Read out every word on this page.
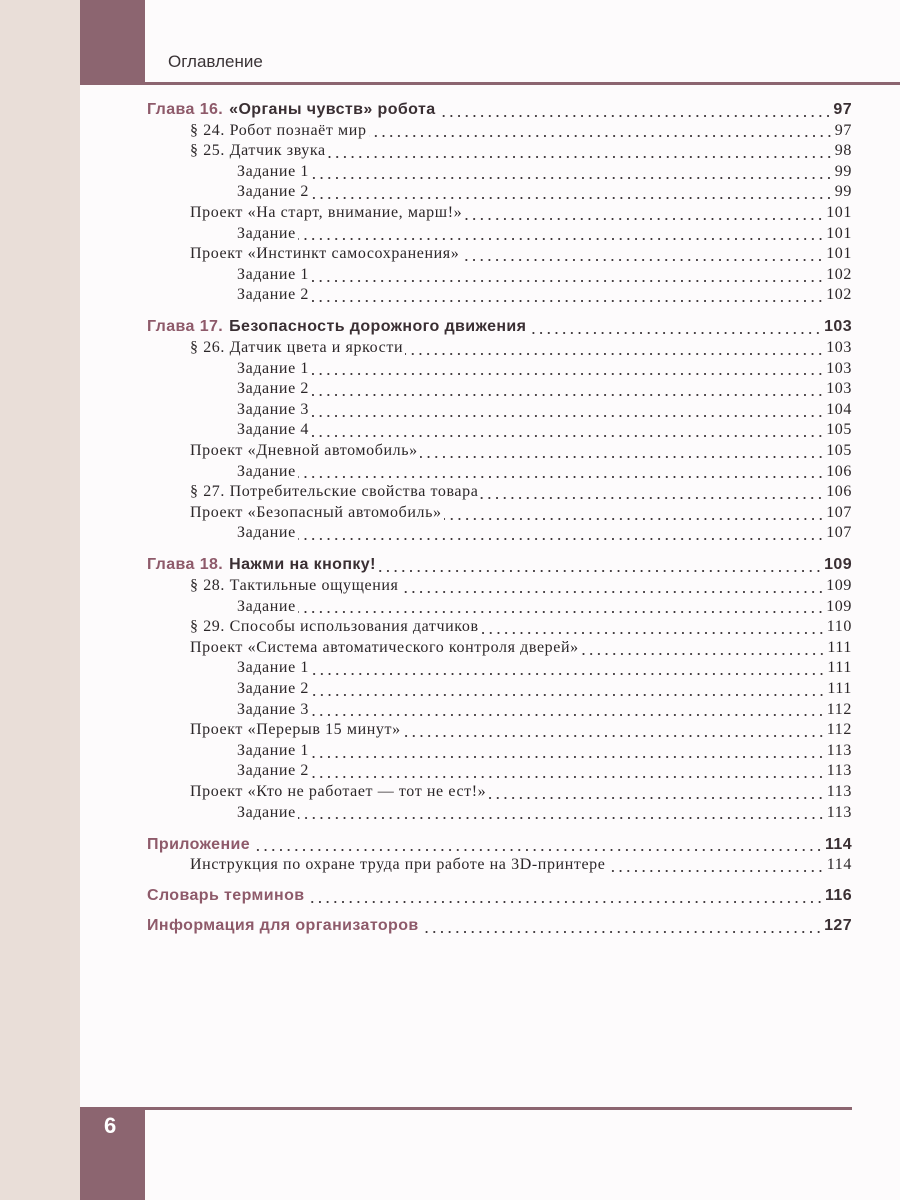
Оглавление
Глава 16. «Органы чувств» робота	97
§ 24. Робот познаёт мир	97
§ 25. Датчик звука	98
Задание 1	99
Задание 2	99
Проект «На старт, внимание, марш!»	101
Задание	101
Проект «Инстинкт самосохранения»	101
Задание 1	102
Задание 2	102
Глава 17. Безопасность дорожного движения	103
§ 26. Датчик цвета и яркости	103
Задание 1	103
Задание 2	103
Задание 3	104
Задание 4	105
Проект «Дневной автомобиль»	105
Задание	106
§ 27. Потребительские свойства товара	106
Проект «Безопасный автомобиль»	107
Задание	107
Глава 18. Нажми на кнопку!	109
§ 28. Тактильные ощущения	109
Задание	109
§ 29. Способы использования датчиков	110
Проект «Система автоматического контроля дверей»	111
Задание 1	111
Задание 2	111
Задание 3	112
Проект «Перерыв 15 минут»	112
Задание 1	113
Задание 2	113
Проект «Кто не работает — тот не ест!»	113
Задание	113
Приложение	114
Инструкция по охране труда при работе на 3D-принтере	114
Словарь терминов	116
Информация для организаторов	127
6
